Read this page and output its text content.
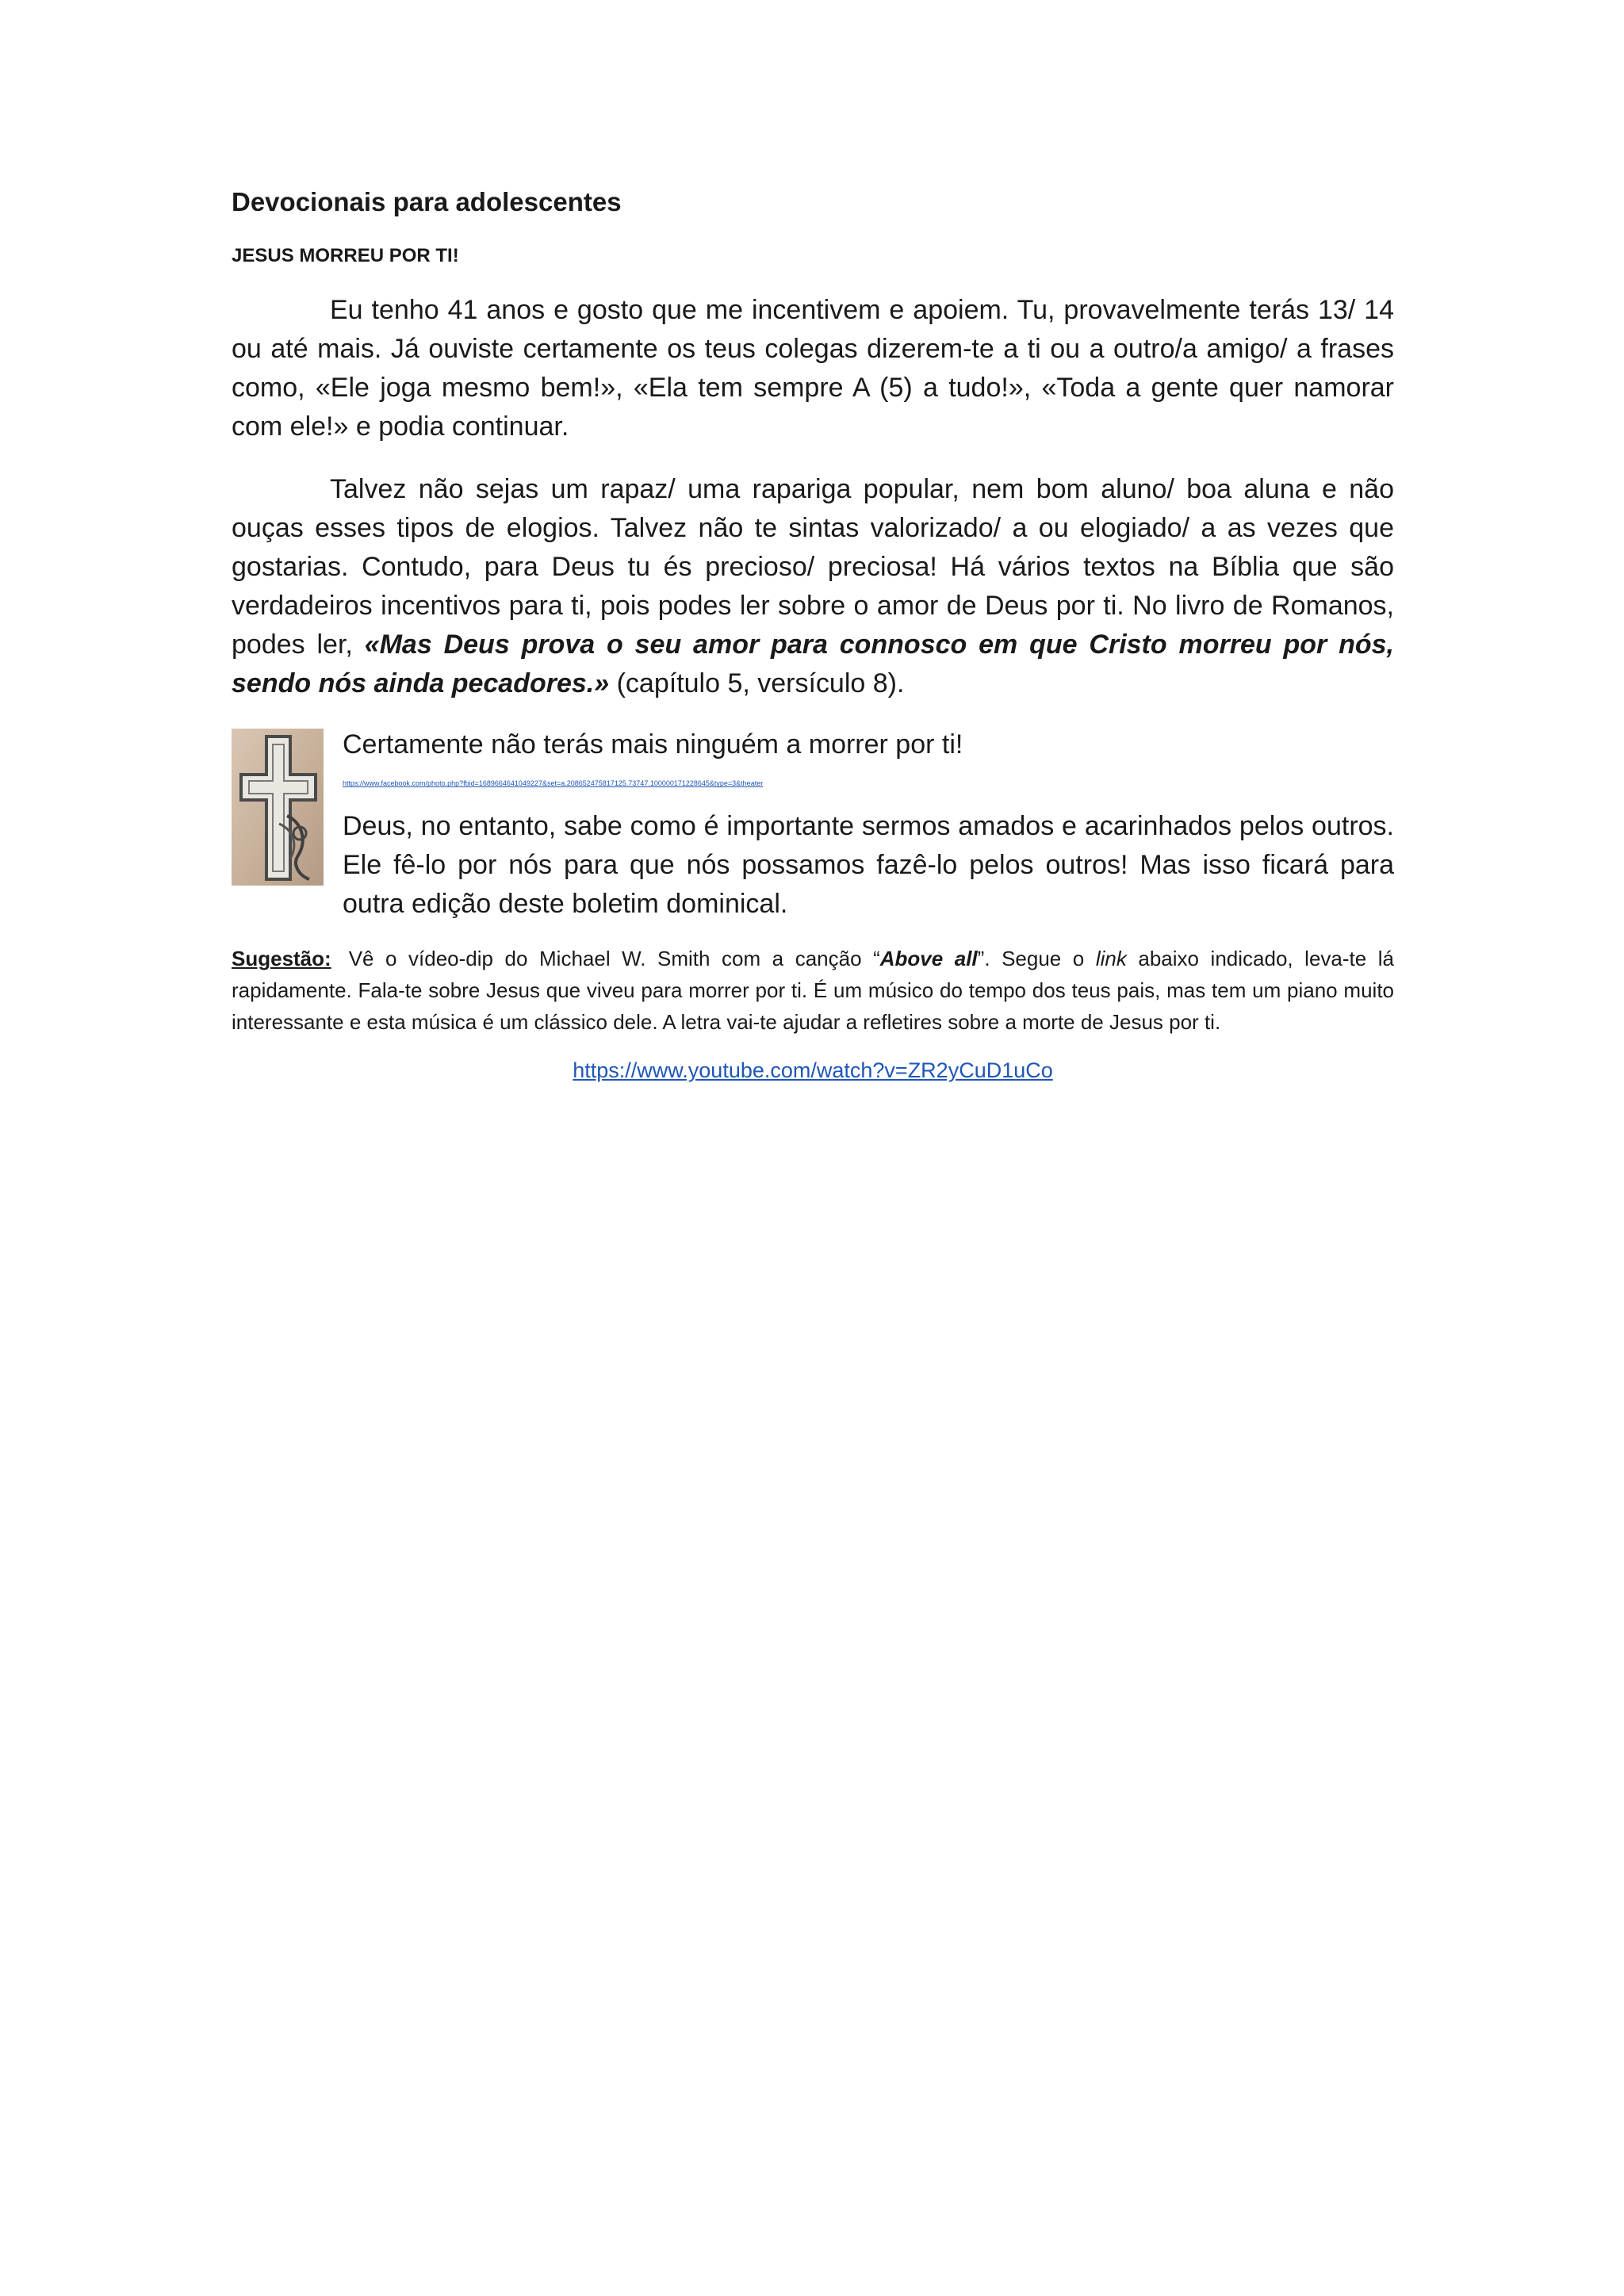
Devocionais para adolescentes
JESUS MORREU POR TI!

Eu tenho 41 anos e gosto que me incentivem e apoiem. Tu, provavelmente terás 13/ 14 ou até mais. Já ouviste certamente os teus colegas dizerem-te a ti ou a outro/a amigo/ a frases como, «Ele joga mesmo bem!», «Ela tem sempre A (5) a tudo!», «Toda a gente quer namorar com ele!» e podia continuar.

Talvez não sejas um rapaz/ uma rapariga popular, nem bom aluno/ boa aluna e não ouças esses tipos de elogios. Talvez não te sintas valorizado/ a ou elogiado/ a as vezes que gostarias. Contudo, para Deus tu és precioso/ preciosa! Há vários textos na Bíblia que são verdadeiros incentivos para ti, pois podes ler sobre o amor de Deus por ti. No livro de Romanos, podes ler, «Mas Deus prova o seu amor para connosco em que Cristo morreu por nós, sendo nós ainda pecadores.» (capítulo 5, versículo 8).

Certamente não terás mais ninguém a morrer por ti!
https://www.facebook.com/photo.php?fbid=1689664641049227&set=a.208652475817125.73747.100000171228645&type=3&theater

Deus, no entanto, sabe como é importante sermos amados e acarinhados pelos outros. Ele fê-lo por nós para que nós possamos fazê-lo pelos outros! Mas isso ficará para outra edição deste boletim dominical.

Sugestão: Vê o vídeo-dip do Michael W. Smith com a canção “Above all”. Segue o link abaixo indicado, leva-te lá rapidamente. Fala-te sobre Jesus que viveu para morrer por ti. É um músico do tempo dos teus pais, mas tem um piano muito interessante e esta música é um clássico dele. A letra vai-te ajudar a refletires sobre a morte de Jesus por ti.

https://www.youtube.com/watch?v=ZR2yCuD1uCo
